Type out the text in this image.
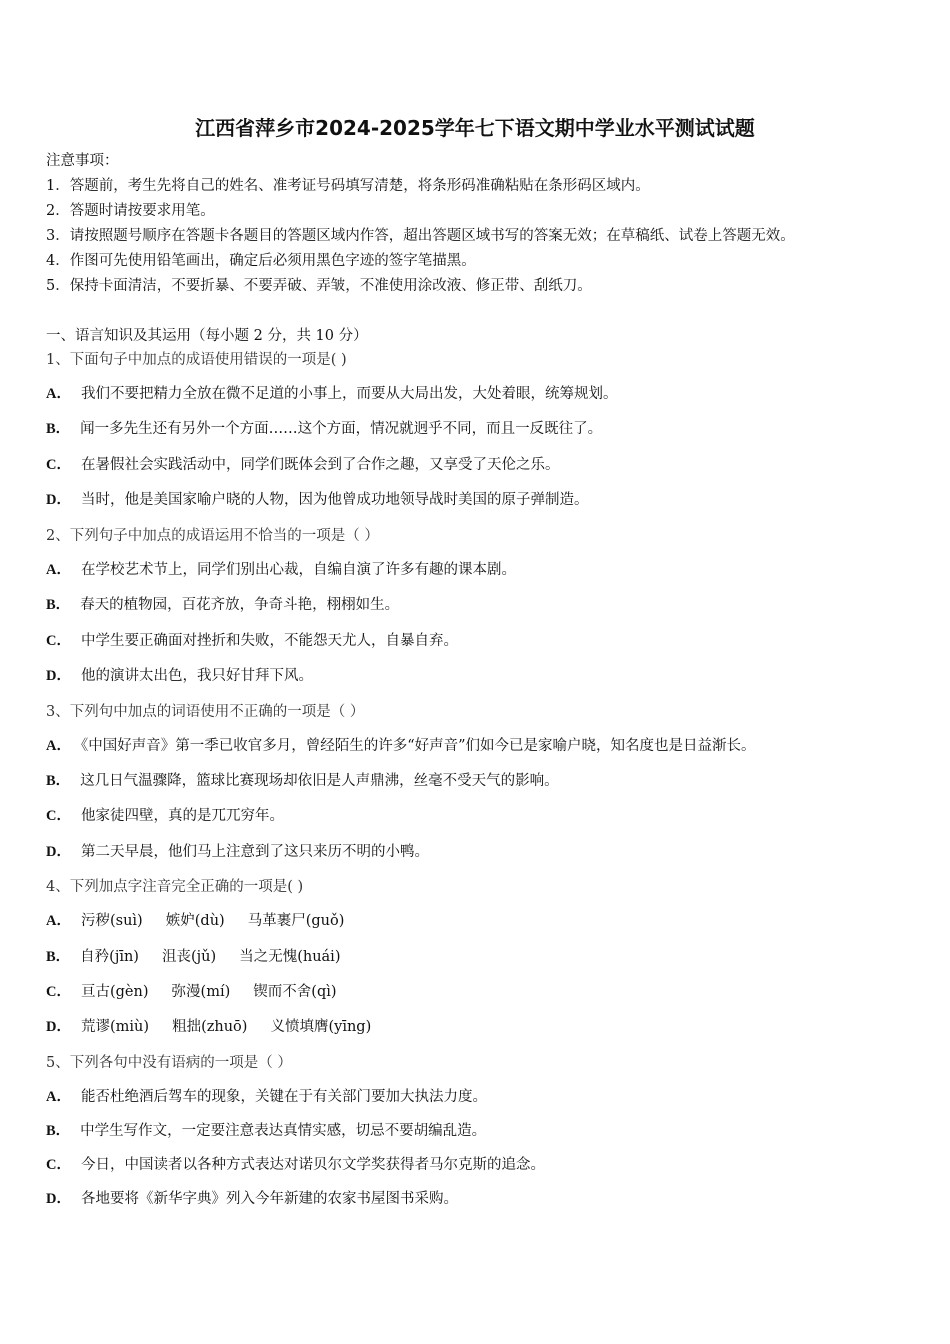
江西省萍乡市2024-2025学年七下语文期中学业水平测试试题
注意事项：
1．答题前，考生先将自己的姓名、准考证号码填写清楚，将条形码准确粘贴在条形码区域内。
2．答题时请按要求用笔。
3．请按照题号顺序在答题卡各题目的答题区域内作答，超出答题区域书写的答案无效；在草稿纸、试卷上答题无效。
4．作图可先使用铅笔画出，确定后必须用黑色字迹的签字笔描黑。
5．保持卡面清洁，不要折暴、不要弄破、弄皱，不准使用涂改液、修正带、刮纸刀。
一、语言知识及其运用（每小题 2 分，共 10 分）
1、下面句子中加点的成语使用错误的一项是( )
A． 我们不要把精力全放在微不足道的小事上，而要从大局出发，大处着眼，统筹规划。
B． 闻一多先生还有另外一个方面……这个方面，情况就迥乎不同，而且一反既往了。
C． 在暑假社会实践活动中，同学们既体会到了合作之趣，又享受了天伦之乐。
D． 当时，他是美国家喻户晓的人物，因为他曾成功地领导战时美国的原子弹制造。
2、下列句子中加点的成语运用不恰当的一项是（ ）
A． 在学校艺术节上，同学们别出心裁，自编自演了许多有趣的课本剧。
B． 春天的植物园，百花齐放，争奇斗艳，栩栩如生。
C． 中学生要正确面对挫折和失败，不能怨天尤人，自暴自弃。
D． 他的演讲太出色，我只好甘拜下风。
3、下列句中加点的词语使用不正确的一项是（ ）
A． 《中国好声音》第一季已收官多月，曾经陌生的许多“好声音”们如今已是家喻户晓，知名度也是日益渐长。
B． 这几日气温骤降，篮球比赛现场却依旧是人声鼎沸，丝毫不受天气的影响。
C． 他家徒四壁，真的是兀兀穷年。
D． 第二天早晨，他们马上注意到了这只来历不明的小鸭。
4、下列加点字注音完全正确的一项是( )
A． 污秽(suì)     嫉妒(dù)     马革裹尸(guǒ)
B． 自矜(jīn)     沮丧(jǔ)     当之无愧(huái)
C． 亘古(gèn)     弥漫(mí)     锲而不舍(qì)
D． 荒谬(miù)     粗拙(zhuō)     义愤填膺(yīng)
5、下列各句中没有语病的一项是（ ）
A． 能否杜绝酒后驾车的现象，关键在于有关部门要加大执法力度。
B． 中学生写作文，一定要注意表达真情实感，切忌不要胡编乱造。
C． 今日，中国读者以各种方式表达对诺贝尔文学奖获得者马尔克斯的追念。
D． 各地要将《新华字典》列入今年新建的农家书屋图书采购。
